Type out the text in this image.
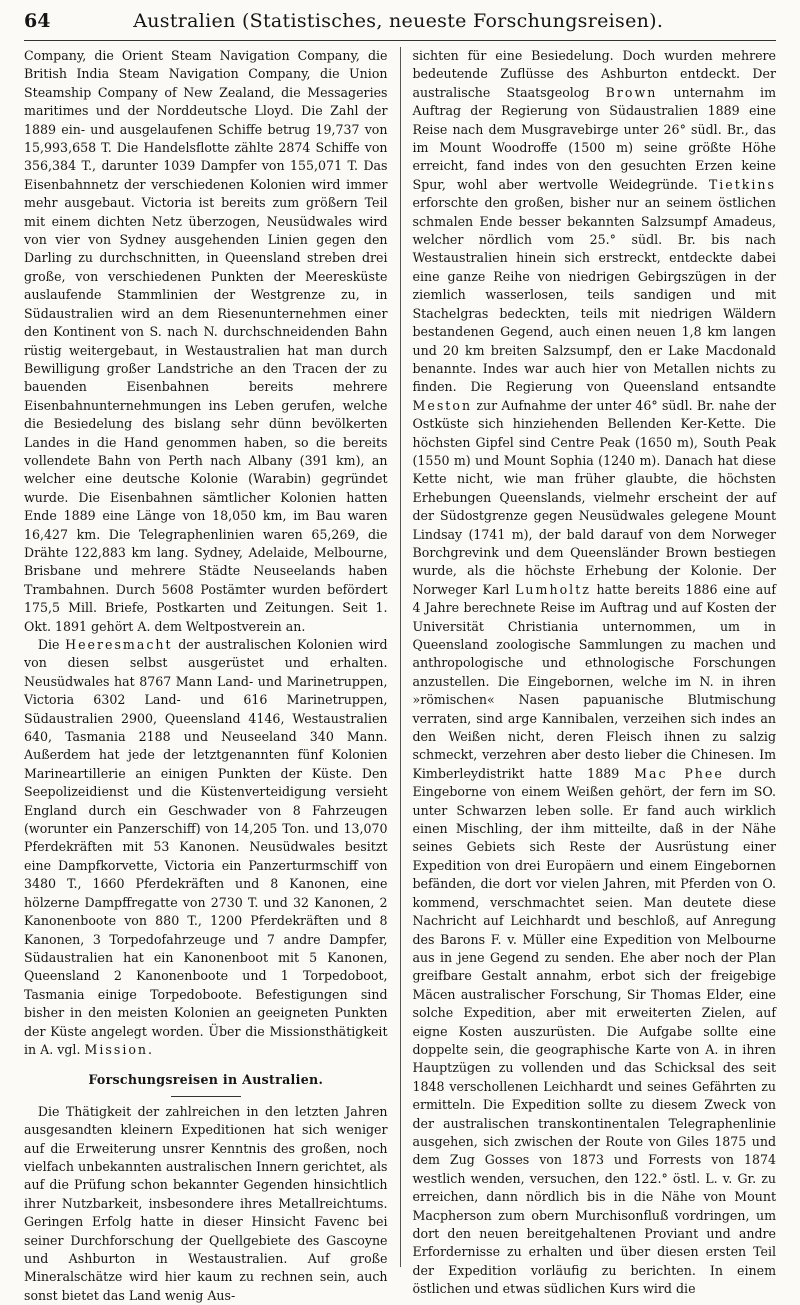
64	Australien (Statistisches, neueste Forschungsreisen).

Company, die Orient Steam Navigation Company, die British India Steam Navigation Company, die Union Steamship Company of New Zealand, die Messageries maritimes und der Norddeutsche Lloyd. Die Zahl der 1889 ein- und ausgelaufenen Schiffe betrug 19,737 von 15,993,658 T. Die Handelsflotte zählte 2874 Schiffe von 356,384 T., darunter 1039 Dampfer von 155,071 T. Das Eisenbahnnetz der verschiedenen Kolonien wird immer mehr ausgebaut. Victoria ist bereits zum größern Teil mit einem dichten Netz überzogen, Neusüdwales wird von vier von Sydney ausgehenden Linien gegen den Darling zu durchschnitten, in Queensland streben drei große, von verschiedenen Punkten der Meeresküste auslaufende Stammlinien der Westgrenze zu, in Südaustralien wird an dem Riesenunternehmen einer den Kontinent von S. nach N. durchschneidenden Bahn rüstig weitergebaut, in Westaustralien hat man durch Bewilligung großer Landstriche an den Tracen der zu bauenden Eisenbahnen bereits mehrere Eisenbahnunternehmungen ins Leben gerufen, welche die Besiedelung des bislang sehr dünn bevölkerten Landes in die Hand genommen haben, so die bereits vollendete Bahn von Perth nach Albany (391 km), an welcher eine deutsche Kolonie (Warabin) gegründet wurde. Die Eisenbahnen sämtlicher Kolonien hatten Ende 1889 eine Länge von 18,050 km, im Bau waren 16,427 km. Die Telegraphenlinien waren 65,269, die Drähte 122,883 km lang. Sydney, Adelaide, Melbourne, Brisbane und mehrere Städte Neuseelands haben Trambahnen. Durch 5608 Postämter wurden befördert 175,5 Mill. Briefe, Postkarten und Zeitungen. Seit 1. Okt. 1891 gehört A. dem Weltpostverein an.

Die Heeresmacht der australischen Kolonien wird von diesen selbst ausgerüstet und erhalten. Neusüdwales hat 8767 Mann Land- und Marinetruppen, Victoria 6302 Land- und 616 Marinetruppen, Südaustralien 2900, Queensland 4146, Westaustralien 640, Tasmania 2188 und Neuseeland 340 Mann. Außerdem hat jede der letztgenannten fünf Kolonien Marineartillerie an einigen Punkten der Küste. Den Seepolizeidienst und die Küstenverteidigung versieht England durch ein Geschwader von 8 Fahrzeugen (worunter ein Panzerschiff) von 14,205 Ton. und 13,070 Pferdekräften mit 53 Kanonen. Neusüdwales besitzt eine Dampfkorvette, Victoria ein Panzerturmschiff von 3480 T., 1660 Pferdekräften und 8 Kanonen, eine hölzerne Dampffregatte von 2730 T. und 32 Kanonen, 2 Kanonenboote von 880 T., 1200 Pferdekräften und 8 Kanonen, 3 Torpedofahrzeuge und 7 andre Dampfer, Südaustralien hat ein Kanonenboot mit 5 Kanonen, Queensland 2 Kanonenboote und 1 Torpedoboot, Tasmania einige Torpedoboote. Befestigungen sind bisher in den meisten Kolonien an geeigneten Punkten der Küste angelegt worden. Über die Missionsthätigkeit in A. vgl. Mission.

Forschungsreisen in Australien.

Die Thätigkeit der zahlreichen in den letzten Jahren ausgesandten kleinern Expeditionen hat sich weniger auf die Erweiterung unsrer Kenntnis des großen, noch vielfach unbekannten australischen Innern gerichtet, als auf die Prüfung schon bekannter Gegenden hinsichtlich ihrer Nutzbarkeit, insbesondere ihres Metallreichtums. Geringen Erfolg hatte in dieser Hinsicht Favenc bei seiner Durchforschung der Quellgebiete des Gascoyne und Ashburton in Westaustralien. Auf große Mineralschätze wird hier kaum zu rechnen sein, auch sonst bietet das Land wenig Aus-

sichten für eine Besiedelung. Doch wurden mehrere bedeutende Zuflüsse des Ashburton entdeckt. Der australische Staatsgeolog Brown unternahm im Auftrag der Regierung von Südaustralien 1889 eine Reise nach dem Musgravebirge unter 26° südl. Br., das im Mount Woodroffe (1500 m) seine größte Höhe erreicht, fand indes von den gesuchten Erzen keine Spur, wohl aber wertvolle Weidegründe. Tietkins erforschte den großen, bisher nur an seinem östlichen schmalen Ende besser bekannten Salzsumpf Amadeus, welcher nördlich vom 25.° südl. Br. bis nach Westaustralien hinein sich erstreckt, entdeckte dabei eine ganze Reihe von niedrigen Gebirgszügen in der ziemlich wasserlosen, teils sandigen und mit Stachelgras bedeckten, teils mit niedrigen Wäldern bestandenen Gegend, auch einen neuen 1,8 km langen und 20 km breiten Salzsumpf, den er Lake Macdonald benannte. Indes war auch hier von Metallen nichts zu finden. Die Regierung von Queensland entsandte Meston zur Aufnahme der unter 46° südl. Br. nahe der Ostküste sich hinziehenden Bellenden Ker-Kette. Die höchsten Gipfel sind Centre Peak (1650 m), South Peak (1550 m) und Mount Sophia (1240 m). Danach hat diese Kette nicht, wie man früher glaubte, die höchsten Erhebungen Queenslands, vielmehr erscheint der auf der Südostgrenze gegen Neusüdwales gelegene Mount Lindsay (1741 m), der bald darauf von dem Norweger Borchgrevink und dem Queensländer Brown bestiegen wurde, als die höchste Erhebung der Kolonie. Der Norweger Karl Lumholtz hatte bereits 1886 eine auf 4 Jahre berechnete Reise im Auftrag und auf Kosten der Universität Christiania unternommen, um in Queensland zoologische Sammlungen zu machen und anthropologische und ethnologische Forschungen anzustellen. Die Eingebornen, welche im N. in ihren »römischen« Nasen papuanische Blutmischung verraten, sind arge Kannibalen, verzeihen sich indes an den Weißen nicht, deren Fleisch ihnen zu salzig schmeckt, verzehren aber desto lieber die Chinesen. Im Kimberleydistrikt hatte 1889 Mac Phee durch Eingeborne von einem Weißen gehört, der fern im SO. unter Schwarzen leben solle. Er fand auch wirklich einen Mischling, der ihm mitteilte, daß in der Nähe seines Gebiets sich Reste der Ausrüstung einer Expedition von drei Europäern und einem Eingebornen befänden, die dort vor vielen Jahren, mit Pferden von O. kommend, verschmachtet seien. Man deutete diese Nachricht auf Leichhardt und beschloß, auf Anregung des Barons F. v. Müller eine Expedition von Melbourne aus in jene Gegend zu senden. Ehe aber noch der Plan greifbare Gestalt annahm, erbot sich der freigebige Mäcen australischer Forschung, Sir Thomas Elder, eine solche Expedition, aber mit erweiterten Zielen, auf eigne Kosten auszurüsten. Die Aufgabe sollte eine doppelte sein, die geographische Karte von A. in ihren Hauptzügen zu vollenden und das Schicksal des seit 1848 verschollenen Leichhardt und seines Gefährten zu ermitteln. Die Expedition sollte zu diesem Zweck von der australischen transkontinentalen Telegraphenlinie ausgehen, sich zwischen der Route von Giles 1875 und dem Zug Gosses von 1873 und Forrests von 1874 westlich wenden, versuchen, den 122.° östl. L. v. Gr. zu erreichen, dann nördlich bis in die Nähe von Mount Macpherson zum obern Murchisonfluß vordringen, um dort den neuen bereitgehaltenen Proviant und andre Erfordernisse zu erhalten und über diesen ersten Teil der Expedition vorläufig zu berichten. In einem östlichen und etwas südlichen Kurs wird die
